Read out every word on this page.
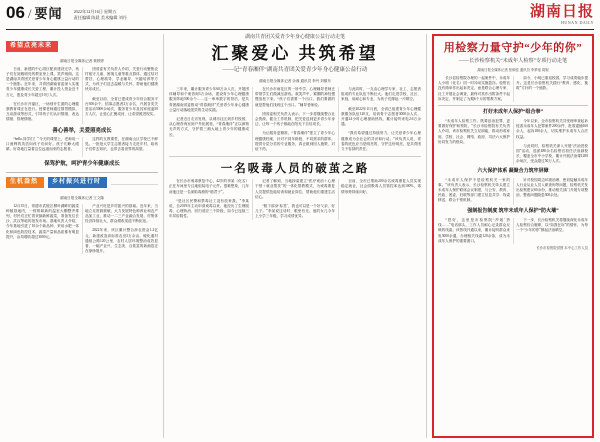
06 / 要闻	2022年12月16日 星期五
责任编辑 陈晨 美术编辑 刘丹	湖南日报
HUNAN DAILY
希望点亮未来
湖南日报全媒体记者 黄婷婷

日前，新建的中心园区配套建设完毕，孩子们在宽敞明亮的教室里上课，笑声朗朗。这是湖南共青团关爱青少年身心健康公益行动的一个缩影。近年来，共青团湖南省委深入实施青少年健康成长关爱工程，累计投入资金近千万元，惠及青少年超过10万人次。

在长沙市开福区，一场别开生面的心理健康教育课正在进行。授课老师通过情景模拟、互动游戏等形式，引导孩子们认识情绪、表达情绪、管理情绪。

团省委有关负责人介绍，关爱行动聚焦农村留守儿童、困境儿童等重点群体，通过结对帮扶、心理疏导、学业辅导、兴趣培养等方式，为孩子们送去温暖与关怀，帮助他们健康快乐成长。

截至目前，全省已建成青少年综合服务平台300余个，招募志愿者2万余名，开展各类关爱活动5000余场次，服务青少年及其家庭逾50万人次，让爱心汇聚成河，让希望照进现实。

善心善举，关爱照亮成长

“hello,同学们！”今天的课堂上，老师用一口流利的英语向孩子们问好。孩子们睁大眼睛，好奇地打量着这位远道而来的志愿者。

这样的支教课堂，在湖南山区学校已不鲜见。一批批大学生志愿者接力走进乡村，给孩子们带去知识，也带去看世界的渴望。

保驾护航，呵护青少年健康成长
生机盎然	乡村振兴进行时
湖南日报全媒体记者 王文隆

12月15日，常德市武陵区柳叶湖畔的蔬菜种植基地内，一排排崭新的温室大棚整齐排列，村民们正忙着采摘新鲜蔬菜，准备发往长沙、武汉等地的批发市场。基地负责人介绍，今年基地引进了10余个新品种，采用水肥一体化和绿色防控技术，蔬菜产量和品质都有明显提升，亩均增收超过3000元。

产业兴旺是乡村振兴的基础。近年来，当地立足资源禀赋，大力发展特色种养业和农产品加工业，推动一二三产业融合发展，村集体经济持续壮大，群众增收渠道不断拓宽。

2022年来，该区累计整合涉农资金1.2亿元，新建改造高标准农田3万余亩，硬化通村通组公路120公里，农村人居环境整治成效显著，一幅产业兴、生态美、百姓富的新画卷正在徐徐展开。

湖南共青团关爱青少年身心健康公益行动走笔
汇聚爱心 共筑希望
——记“青春湘伴”湖南共青团关爱青少年身心健康公益行动
湖南日报全媒体记者 余蓉 通讯员 李丹 刘镇东

三年来，累计服务青少年60万余人次，开展团体辅导和个案咨询3万余场，建设青少年心理健康服务阵地500余个……这一串串数字的背后，是共青团湖南省委推动“青春湘伴”关爱青少年身心健康公益行动落地见效的生动实践。

记者近日走访发现，从城市社区到乡村校园，从心理咨询室到户外拓展营，“青春湘伴”正以润物无声的方式，守护着三湘大地上青少年的健康成长。

在长沙市雨花区的一所中学，心理辅导老师正带领学生们做减压游戏。欢笑声中，紧绷的神经慢慢放松下来。“孩子们需要一个出口，我们要做的就是帮他们找到这个出口。”辅导老师说。

团省委相关负责人表示，下一步将继续整合社会资源，健全工作机制，把关爱送到更多青少年身边，让每一个孩子都能在阳光下自信成长。

为让服务更精准，“青春湘伴”建立了青少年心理健康档案，针对不同年龄段、不同需求的群体，提供分层分类的专业服务，真正做到因人施策、对症下药。

与此同时，一支由心理学专家、社工、志愿者组成的专业队伍不断壮大。他们走进学校、社区、家庭，用耐心和专业，为孩子们撑起一片晴空。

截至2022年11月底，全省已组建青少年心理健康服务队伍120支，培训骨干志愿者3000余人次，开通24小时心理援助热线，累计接听来电2.6万余通。

“我们希望通过持续努力，让关爱青少年心理健康成为全社会的共识和行动。”该负责人说，青春的底色应当是明亮的，守护这份明亮，是共青团义不容辞的责任。

一名吸毒人员的破茧之路

在长沙市戒毒康复中心，42岁的李某（化名）正在车间里专注地组装电子元件。很难想象，几年前他还是一名深陷毒瘾的“瘾君子”。

“是社区民警和禁毒社工没有放弃我。”李某说，自2019年主动申请戒毒以来，他经历了生理脱毒、心理矫治、回归适应三个阶段，如今已连续三年尿检阴性。

记者了解到，当地探索建立“医疗戒治＋心理干预＋就业帮扶”的一体化帮教模式，为戒毒康复人员提供技能培训和就业岗位，帮助他们重建生活信心。

“脱下那身‘标签’，我也可以是一个好父亲、好儿子。”李某说这话时，眼里有光。他的女儿今年上小学三年级，学习成绩优异。

目前，全市已帮助200余名戒毒康复人员实现稳定就业，社会面吸毒人员管控率达到100%，毒情形势持续向好。

用检察力量守护“少年的你”
——长沙检察机关“未成年人检察”专项行动走笔
湖南日报全媒体记者 张颐佳 通讯员 李梦瑶 周妮

长沙县检察院办理的一起案件中，未成年人小明（化名）因一时冲动实施盗窃。检察官没有简单作出起诉决定，而是联合心理专家、社工开展社会调查，最终对其作出附条件不起诉决定，并制定了为期6个月的帮教方案。

如今，小明已重返校园，学习成绩稳步提升。这是长沙检察机关践行“教育、感化、挽救”方针的一个缩影。

打好未成年人保护“组合拳”

“未成年人检察工作，既要惩治犯罪，更要做好保护和预防。”长沙市检察院有关负责人介绍，该市检察机关立足职能，推动形成家庭、学校、社会、网络、政府、司法六大保护协同发力的格局。

今年以来，全市检察机关共受理审查起诉侵害未成年人犯罪案件200余件，批准逮捕160余人，起诉180余人，切实维护未成年人合法权益。

与此同时，检察机关深入开展“法治进校园”活动，选派480余名检察官担任法治副校长，覆盖全市中小学校，累计开展法治课1200余场次，受众超过50万人次。

六大保护体系 凝聚合力筑牢屏障

“未成年人保护不是检察机关一家的事。”该负责人表示，长沙检察机关牵头建立未成年人保护联席会议制度，与公安、教育、民政、团委、妇联等部门建立信息共享、线索移送、联合干预机制。

针对校园周边环境治理、密切接触未成年人行业从业人员入职查询等问题，检察机关发出检察建议60余份，推动相关部门开展专项整治，整改问题隐患300余处。

强制报告制度 筑牢未成年人保护“防火墙”

“您好，这里是市检察院‘莎姐’热线……”电话那头，工作人员耐心记录群众反映的线索。该热线开通以来，累计接听群众来电3000余通，办理相关线索120余条，成为未成年人保护的重要窗口。

下一步，长沙检察机关将继续深化未成年人检察综合履职，以“如我在诉”的情怀，为每一个“少年的你”撑起法治晴空。

长沙市检察院供图 本中心工作人员
